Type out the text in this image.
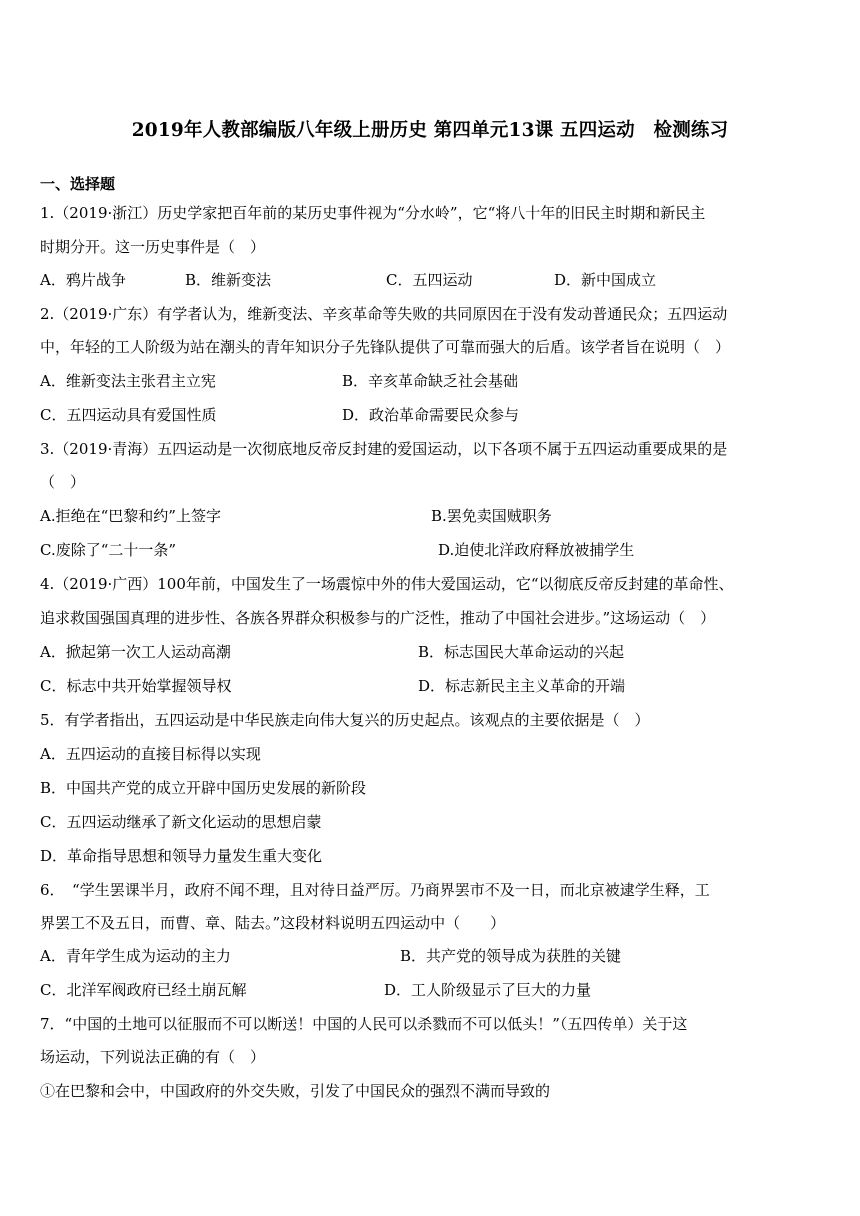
2019年人教部编版八年级上册历史 第四单元13课 五四运动　检测练习
一、选择题
1.（2019·浙江）历史学家把百年前的某历史事件视为“分水岭”，它“将八十年的旧民主时期和新民主
时期分开。这一历史事件是（　）
A．鸦片战争	B．维新变法	C．五四运动	D．新中国成立
2.（2019·广东）有学者认为，维新变法、辛亥革命等失败的共同原因在于没有发动普通民众；五四运动
中，年轻的工人阶级为站在潮头的青年知识分子先锋队提供了可靠而强大的后盾。该学者旨在说明（　）
A．维新变法主张君主立宪	B．辛亥革命缺乏社会基础
C．五四运动具有爱国性质	D．政治革命需要民众参与
3.（2019·青海）五四运动是一次彻底地反帝反封建的爱国运动，以下各项不属于五四运动重要成果的是
（　）
A.拒绝在“巴黎和约”上签字	B.罢免卖国贼职务
C.废除了“二十一条”	D.迫使北洋政府释放被捕学生
4.（2019·广西）100年前，中国发生了一场震惊中外的伟大爱国运动，它“以彻底反帝反封建的革命性、
追求救国强国真理的进步性、各族各界群众积极参与的广泛性，推动了中国社会进步。”这场运动（　）
A．掀起第一次工人运动高潮	B．标志国民大革命运动的兴起
C．标志中共开始掌握领导权	D．标志新民主主义革命的开端
5．有学者指出，五四运动是中华民族走向伟大复兴的历史起点。该观点的主要依据是（　）
A．五四运动的直接目标得以实现
B．中国共产党的成立开辟中国历史发展的新阶段
C．五四运动继承了新文化运动的思想启蒙
D．革命指导思想和领导力量发生重大变化
6．　“学生罢课半月，政府不闻不理，且对待日益严厉。乃商界罢市不及一日，而北京被逮学生释，工
界罢工不及五日，而曹、章、陆去。”这段材料说明五四运动中（　　）
A．青年学生成为运动的主力	B．共产党的领导成为获胜的关键
C．北洋军阀政府已经土崩瓦解	D．工人阶级显示了巨大的力量
7．“中国的土地可以征服而不可以断送！中国的人民可以杀戮而不可以低头！”（五四传单）关于这
场运动，下列说法正确的有（　）
①在巴黎和会中，中国政府的外交失败，引发了中国民众的强烈不满而导致的
